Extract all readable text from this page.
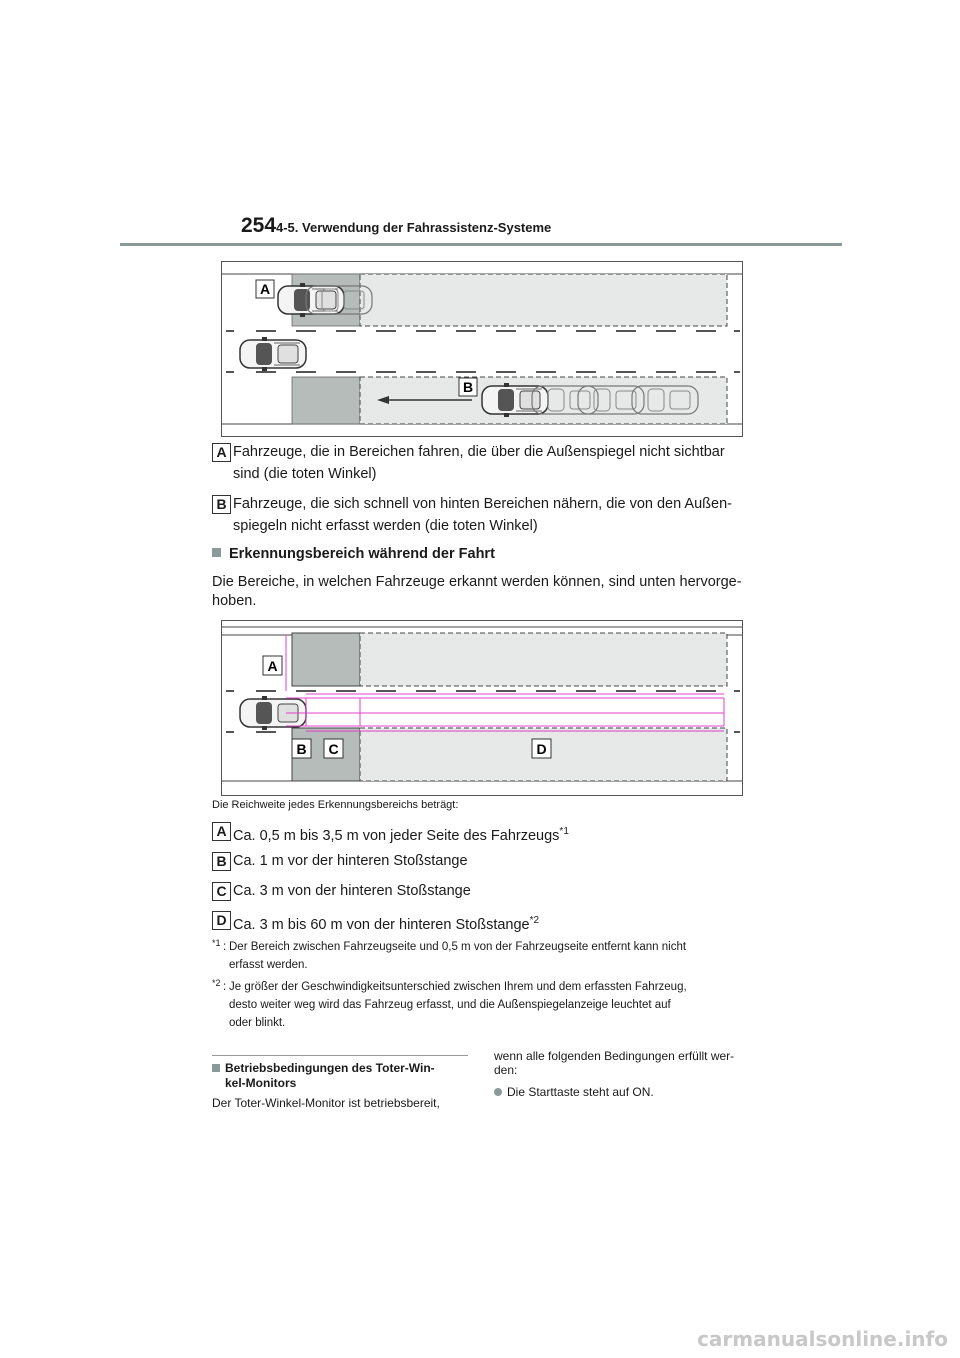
254 4-5. Verwendung der Fahrassistenz-Systeme
A
B
A Fahrzeuge, die in Bereichen fahren, die über die Außenspiegel nicht sichtbar
sind (die toten Winkel)
B Fahrzeuge, die sich schnell von hinten Bereichen nähern, die von den Außen-
spiegeln nicht erfasst werden (die toten Winkel)
Erkennungsbereich während der Fahrt
Die Bereiche, in welchen Fahrzeuge erkannt werden können, sind unten hervorge-
hoben.
A
B C	D
Die Reichweite jedes Erkennungsbereichs beträgt:
A Ca. 0,5 m bis 3,5 m von jeder Seite des Fahrzeugs$^{*1}$
B Ca. 1 m vor der hinteren Stoßstange
C Ca. 3 m von der hinteren Stoßstange
D Ca. 3 m bis 60 m von der hinteren Stoßstange$^{*2}$
*1 : Der Bereich zwischen Fahrzeugseite und 0,5 m von der Fahrzeugseite entfernt kann nicht
erfasst werden.
*2 : Je größer der Geschwindigkeitsunterschied zwischen Ihrem und dem erfassten Fahrzeug,
desto weiter weg wird das Fahrzeug erfasst, und die Außenspiegelanzeige leuchtet auf
oder blinkt.
Betriebsbedingungen des Toter-Win-
kel-Monitors
Der Toter-Winkel-Monitor ist betriebsbereit,
wenn alle folgenden Bedingungen erfüllt wer-
den:
Die Starttaste steht auf ON.
carmanualsonline.info
